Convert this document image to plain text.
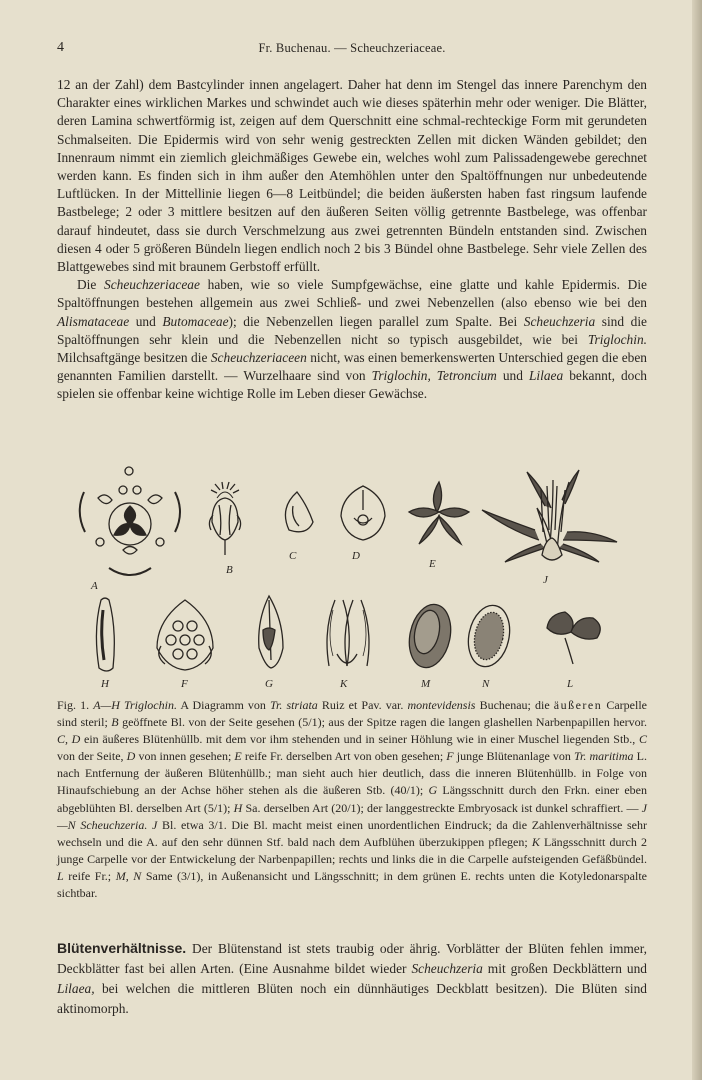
4	Fr. Buchenau. — Scheuchzeriaceae.

12 an der Zahl) dem Bastcylinder innen angelagert. Daher hat denn im Stengel das innere Parenchym den Charakter eines wirklichen Markes und schwindet auch wie dieses späterhin mehr oder weniger. Die Blätter, deren Lamina schwertförmig ist, zeigen auf dem Querschnitt eine schmal-rechteckige Form mit gerundeten Schmalseiten. Die Epidermis wird von sehr wenig gestreckten Zellen mit dicken Wänden gebildet; den Innenraum nimmt ein ziemlich gleichmäßiges Gewebe ein, welches wohl zum Palissadengewebe gerechnet werden kann. Es finden sich in ihm außer den Atemhöhlen unter den Spaltöffnungen nur unbedeutende Luftlücken. In der Mittellinie liegen 6—8 Leitbündel; die beiden äußersten haben fast ringsum laufende Bastbelege; 2 oder 3 mittlere besitzen auf den äußeren Seiten völlig getrennte Bastbelege, was offenbar darauf hindeutet, dass sie durch Verschmelzung aus zwei getrennten Bündeln entstanden sind. Zwischen diesen 4 oder 5 größeren Bündeln liegen endlich noch 2 bis 3 Bündel ohne Bastbelege. Sehr viele Zellen des Blattgewebes sind mit braunem Gerbstoff erfüllt.

Die Scheuchzeriaceae haben, wie so viele Sumpfgewächse, eine glatte und kahle Epidermis. Die Spaltöffnungen bestehen allgemein aus zwei Schließ- und zwei Nebenzellen (also ebenso wie bei den Alismataceae und Butomaceae); die Nebenzellen liegen parallel zum Spalte. Bei Scheuchzeria sind die Spaltöffnungen sehr klein und die Nebenzellen nicht so typisch ausgebildet, wie bei Triglochin. Milchsaftgänge besitzen die Scheuchzeriaceen nicht, was einen bemerkenswerten Unterschied gegen die eben genannten Familien darstellt. — Wurzelhaare sind von Triglochin, Tetroncium und Lilaea bekannt, doch spielen sie offenbar keine wichtige Rolle im Leben dieser Gewächse.

A
B
C	D
E
J
H	F	G	K	M	N	L

Fig. 1. A—H Triglochin. A Diagramm von Tr. striata Ruiz et Pav. var. montevidensis Buchenau; die äußeren Carpelle sind steril; B geöffnete Bl. von der Seite gesehen (5/1); aus der Spitze ragen die langen glashellen Narbenpapillen hervor. C, D ein äußeres Blütenhüllb. mit dem vor ihm stehenden und in seiner Höhlung wie in einer Muschel liegenden Stb., C von der Seite, D von innen gesehen; E reife Fr. derselben Art von oben gesehen; F junge Blütenanlage von Tr. maritima L. nach Entfernung der äußeren Blütenhüllb.; man sieht auch hier deutlich, dass die inneren Blütenhüllb. in Folge von Hinaufschiebung an der Achse höher stehen als die äußeren Stb. (40/1); G Längsschnitt durch den Frkn. einer eben abgeblühten Bl. derselben Art (5/1); H Sa. derselben Art (20/1); der langgestreckte Embryosack ist dunkel schraffiert. — J—N Scheuchzeria. J Bl. etwa 3/1. Die Bl. macht meist einen unordentlichen Eindruck; da die Zahlenverhältnisse sehr wechseln und die A. auf den sehr dünnen Stf. bald nach dem Aufblühen überzukippen pflegen; K Längsschnitt durch 2 junge Carpelle vor der Entwickelung der Narbenpapillen; rechts und links die in die Carpelle aufsteigenden Gefäßbündel. L reife Fr.; M, N Same (3/1), in Außenansicht und Längsschnitt; in dem grünen E. rechts unten die Kotyledonarspalte sichtbar.

Blütenverhältnisse. Der Blütenstand ist stets traubig oder ährig. Vorblätter der Blüten fehlen immer, Deckblätter fast bei allen Arten. (Eine Ausnahme bildet wieder Scheuchzeria mit großen Deckblättern und Lilaea, bei welchen die mittleren Blüten noch ein dünnhäutiges Deckblatt besitzen). Die Blüten sind aktinomorph.
